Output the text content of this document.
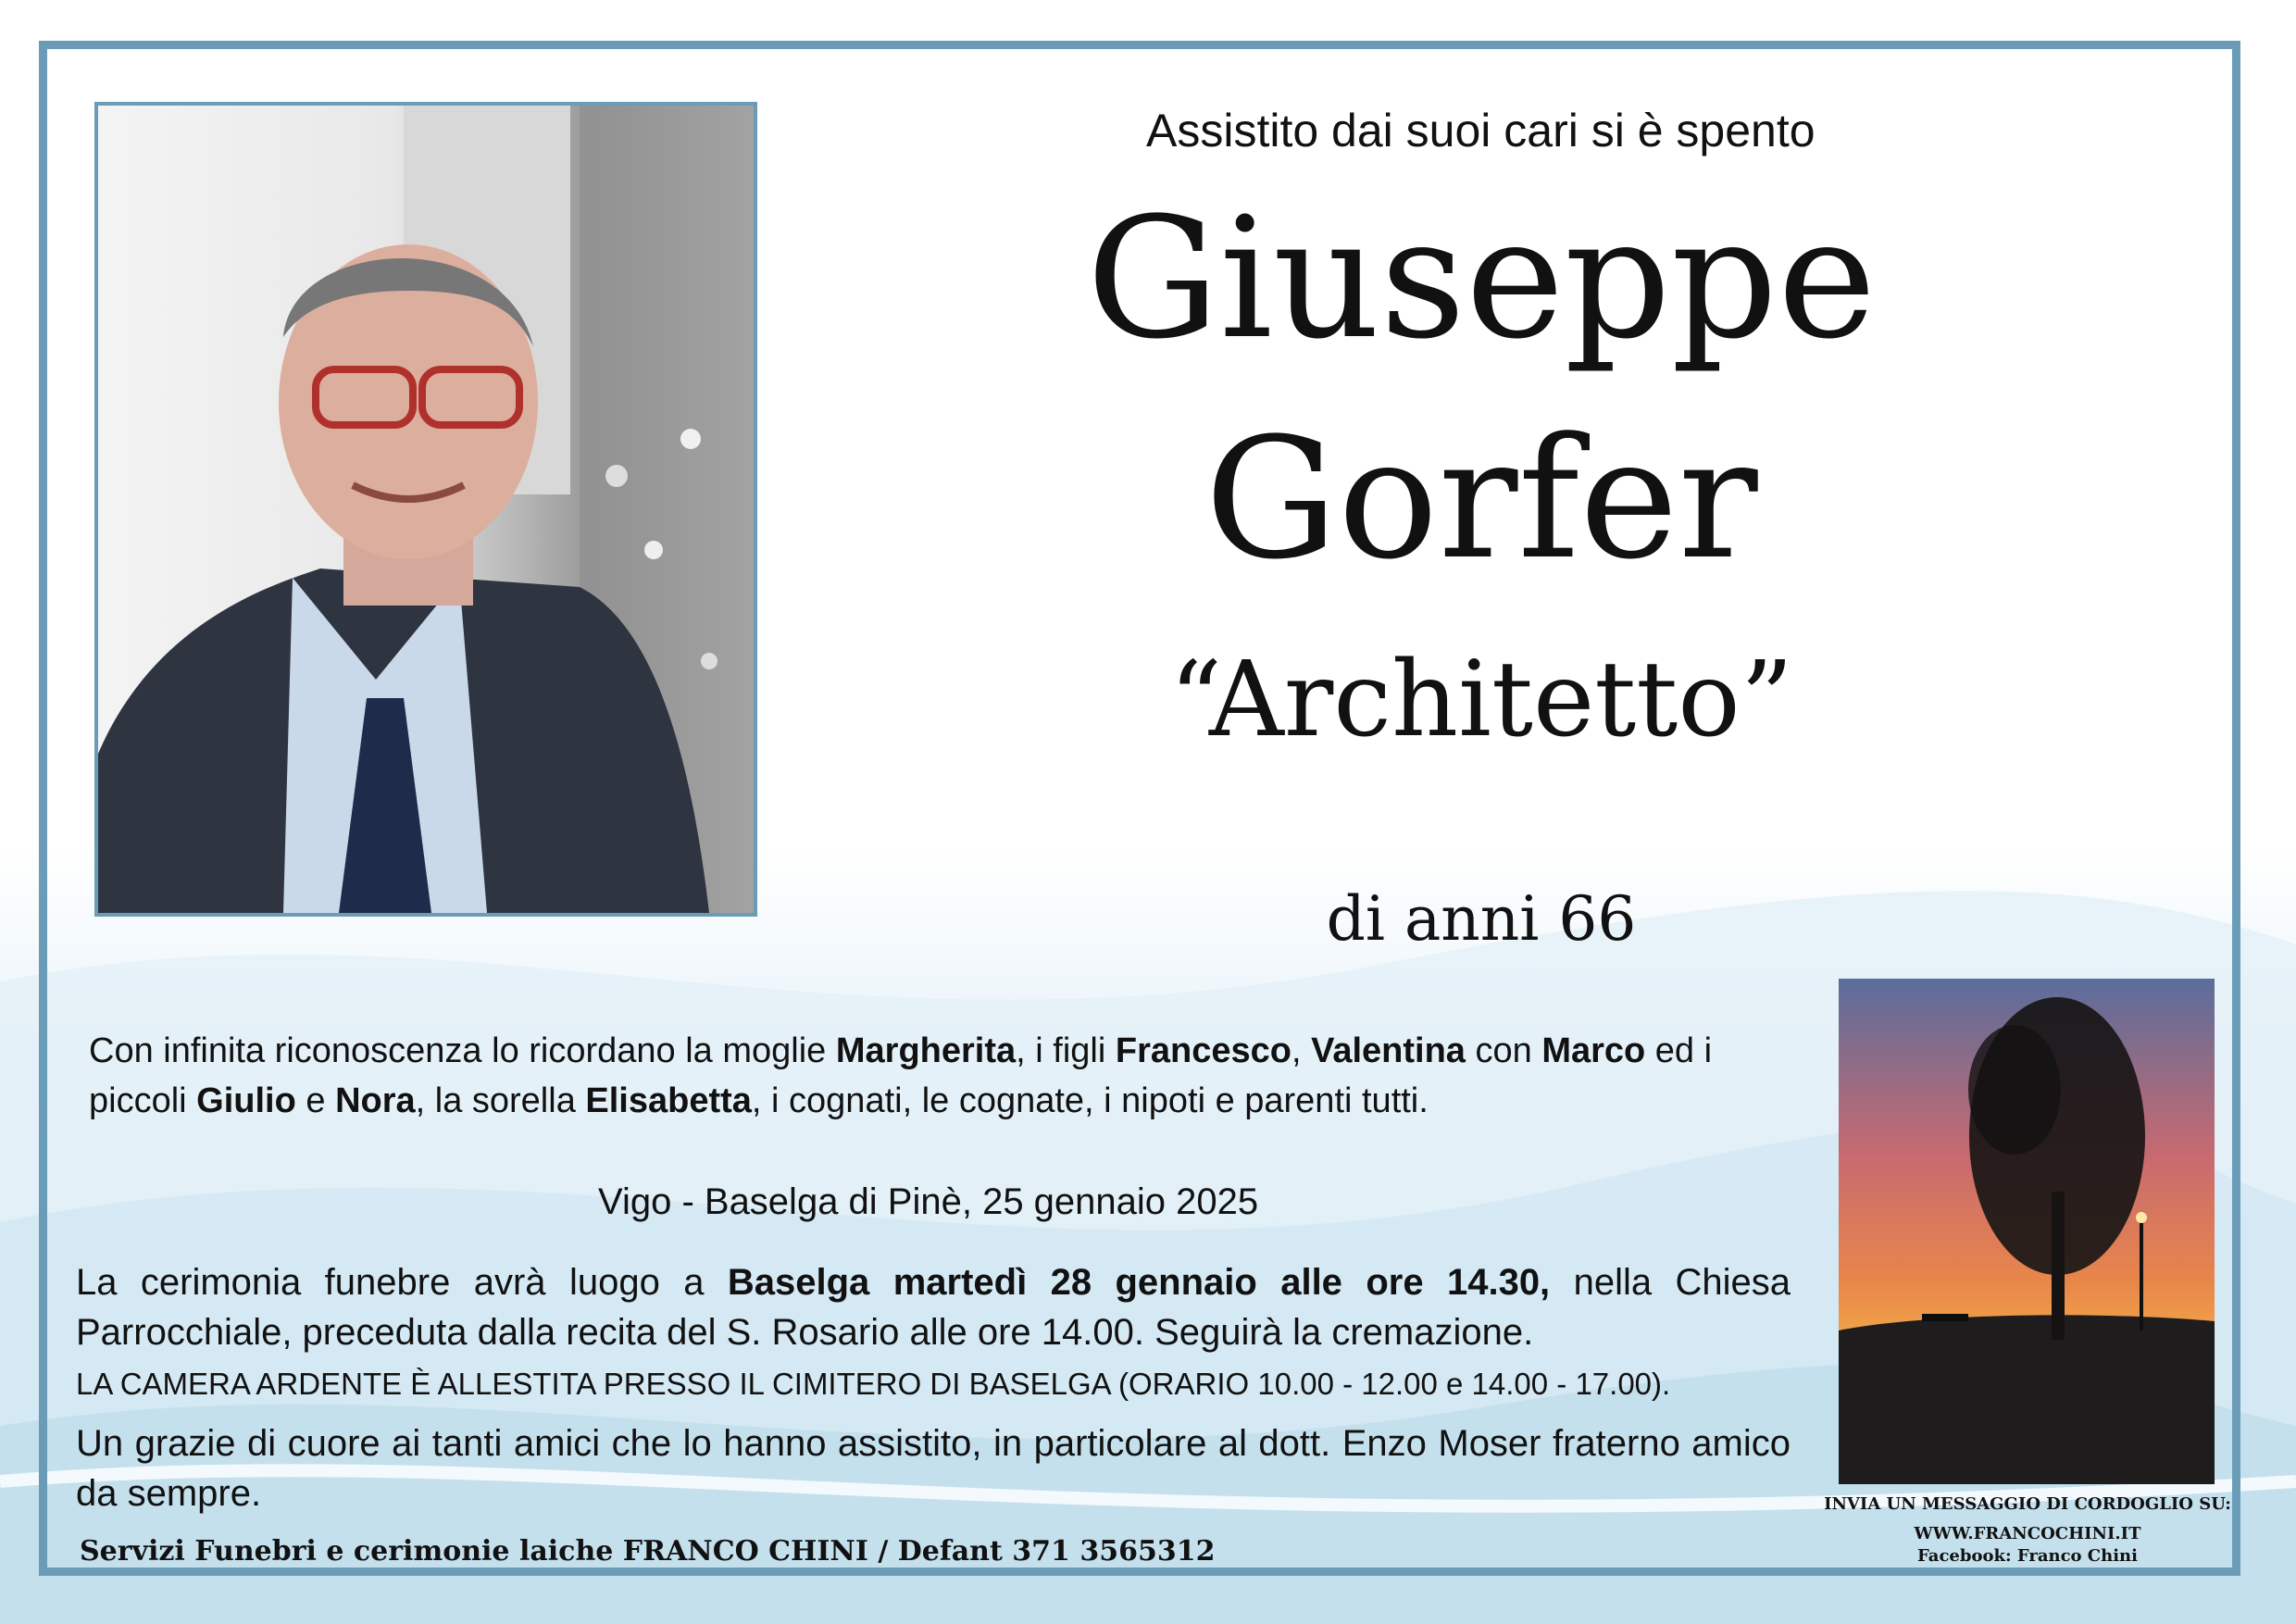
Assistito dai suoi cari si è spento
Giuseppe
Gorfer
“Architetto”
di anni 66
Con infinita riconoscenza lo ricordano la moglie Margherita, i figli Francesco, Valentina con Marco ed i piccoli Giulio e Nora, la sorella Elisabetta, i cognati, le cognate, i nipoti e parenti tutti.
Vigo - Baselga di Pinè, 25 gennaio 2025
La cerimonia funebre avrà luogo a Baselga martedì 28 gennaio alle ore 14.30, nella Chiesa Parrocchiale, preceduta dalla recita del S. Rosario alle ore 14.00. Seguirà la cremazione.
LA CAMERA ARDENTE È ALLESTITA PRESSO IL CIMITERO DI BASELGA (ORARIO 10.00 - 12.00 e 14.00 - 17.00).
Un grazie di cuore ai tanti amici che lo hanno assistito, in particolare al dott. Enzo Moser fraterno amico da sempre.
Servizi Funebri e cerimonie laiche FRANCO CHINI / Defant 371 3565312
INVIA UN MESSAGGIO DI CORDOGLIO SU:
WWW.FRANCOCHINI.IT
Facebook: Franco Chini
